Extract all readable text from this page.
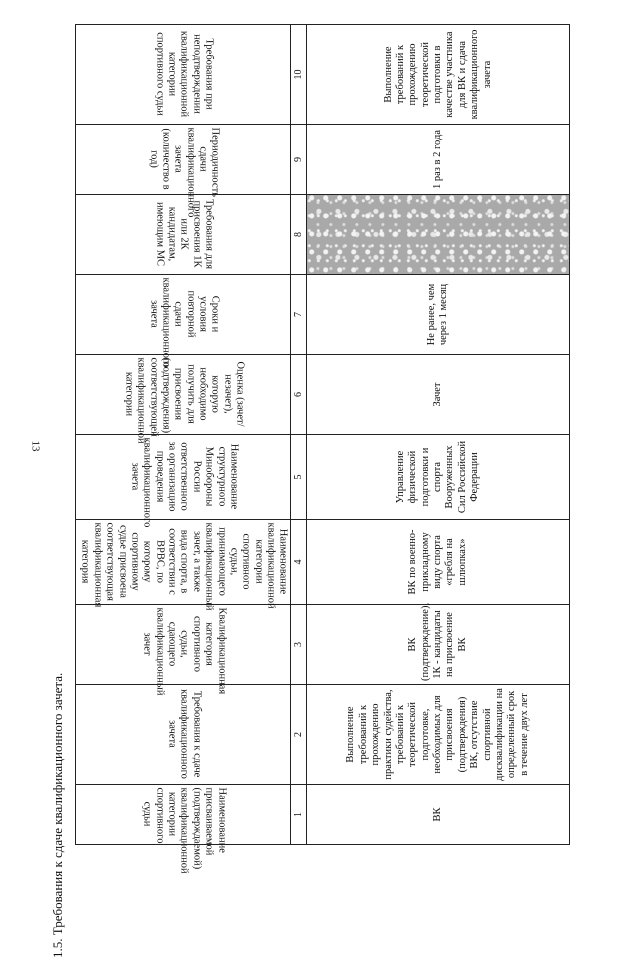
13
1.5. Требования к сдаче квалификационного зачета.	Наименование присваиваемой (подтверждаемой) квалификационной категории спортивного судьи	Требования к сдаче квалификационного зачета	Квалификационная категория спортивного судьи, сдающего квалификационный зачет	Наименование квалификационной категории спортивного судьи, принимающего квалификационный зачет, а также вида спорта, в соответствии с ВРВС, по которому спортивному судье присвоена соответствующая квалификационная категория	Наименование структурного Минобороны России ответственного за организацию проведения квалификационного зачета	Оценка (зачет/незачет), которую необходимо получить для присвоения (подтверждения) соответствующей квалификационной категории	Сроки и условия повторной сдачи квалификационного зачета	Требования для присвоения 1К или 2К кандидатам, имеющим МС	Периодичность сдачи квалификационного зачета (количество в год)	Требования при неподтверждении квалификационной категории спортивного судьи
1	2	3	4	5	6	7	8	9	10
ВК	Выполнение требований к прохождению практики судейства, требований к теоретической подготовке, необходимых для присвоения (подтверждения) ВК, отсутствие спортивной дисквалификации на определенный срок в течение двух лет	ВК (подтверждение), 1К - кандидаты на присвоение ВК	ВК по военно-прикладному виду спорта «гребля на шлюпках»	Управление физической подготовки и спорта Вооруженных Сил Российской Федерации	Зачет	Не ранее, чем через 1 месяц		1 раз в 2 года	Выполнение требований к прохождению теоретической подготовки в качестве участника для ВК и сдача квалификационного зачета
